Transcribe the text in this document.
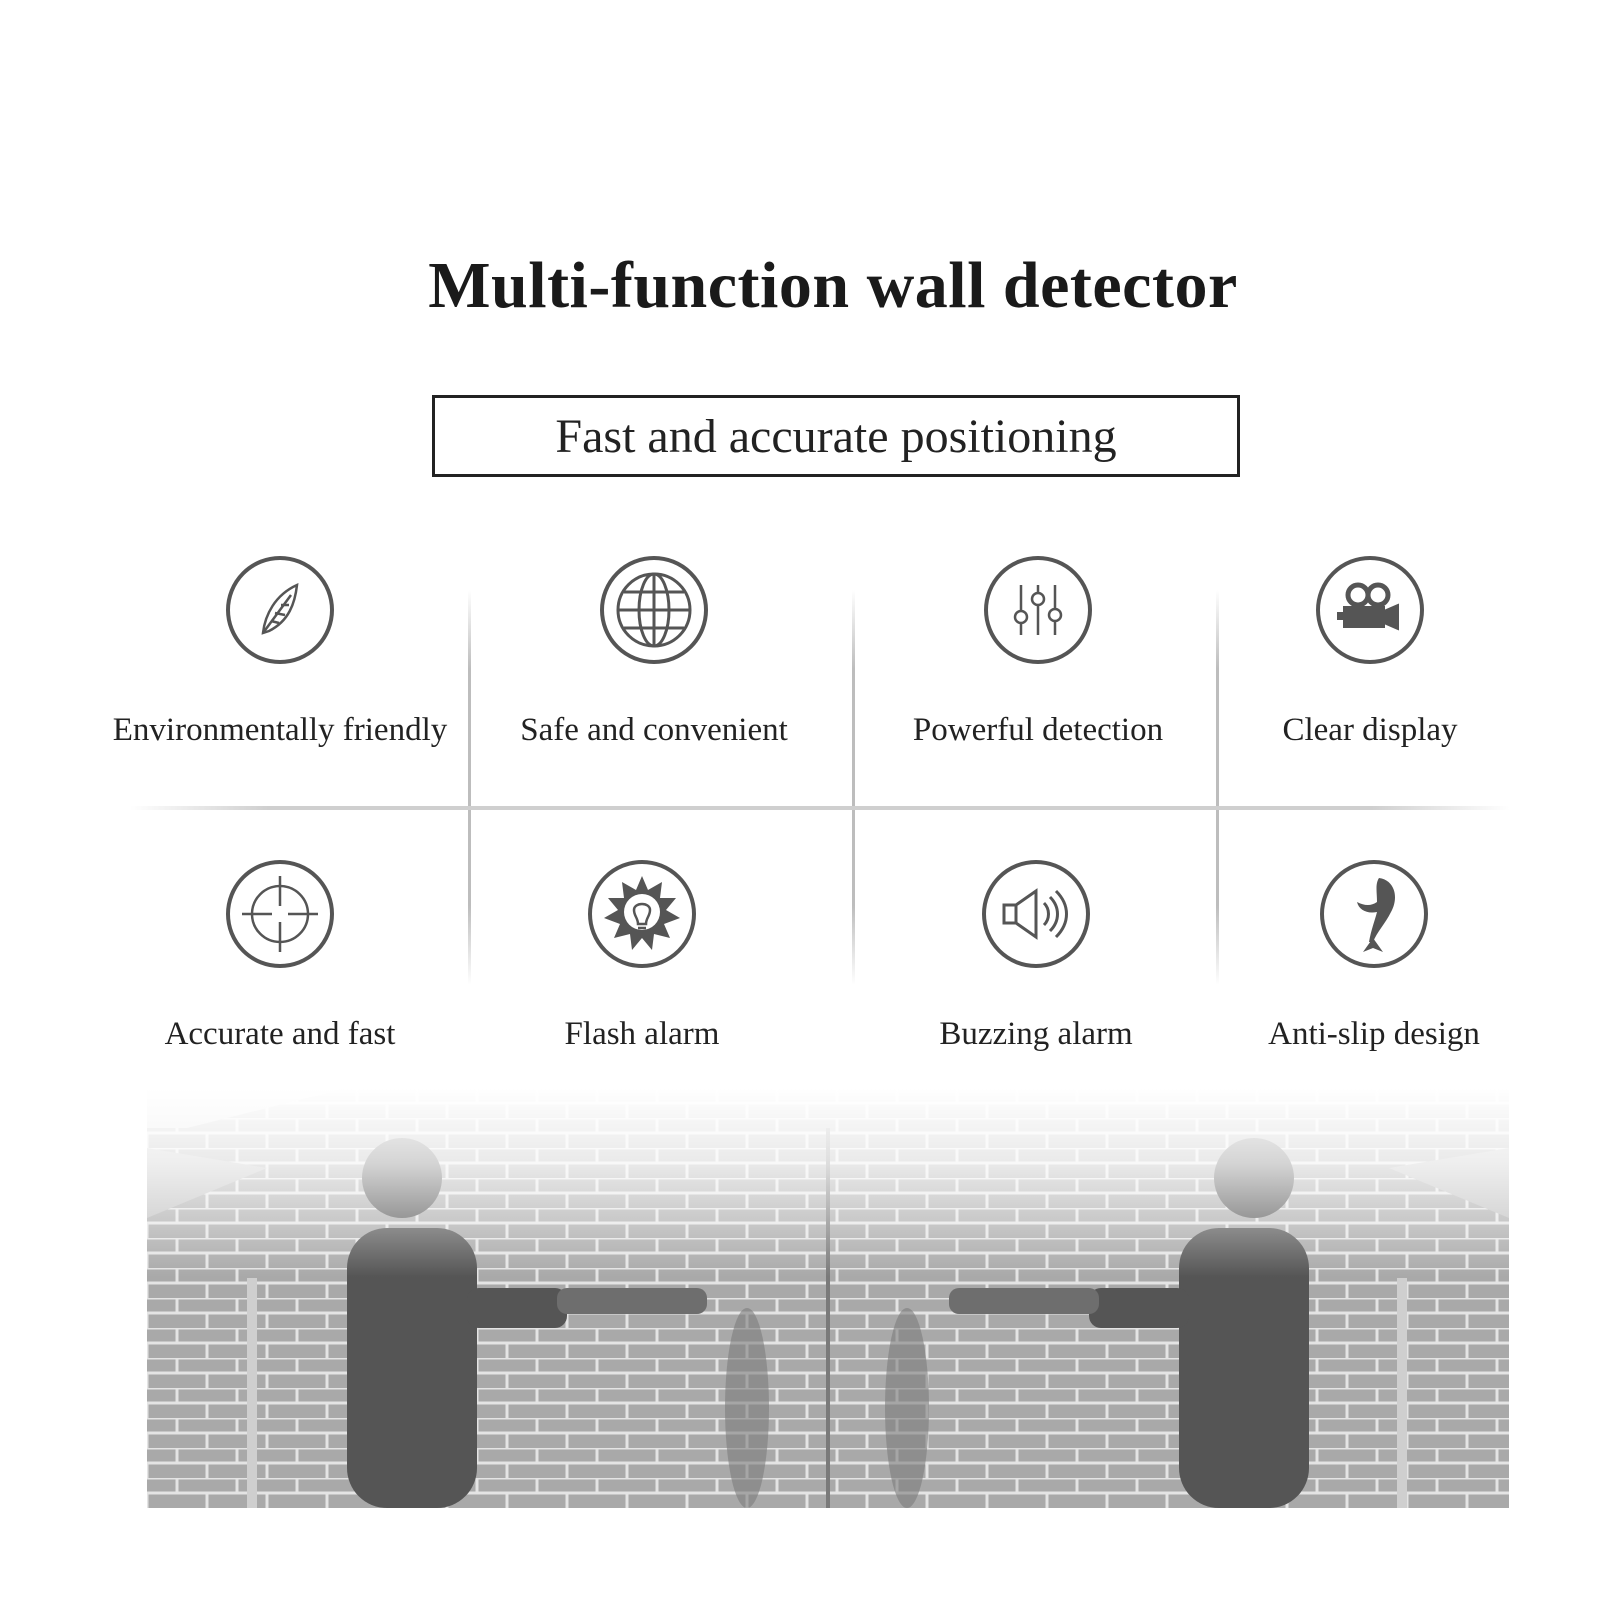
Multi-function wall detector
Fast and accurate positioning
Environmentally friendly	Safe and convenient	Powerful detection	Clear display
Accurate and fast	Flash alarm	Buzzing alarm	Anti-slip design
